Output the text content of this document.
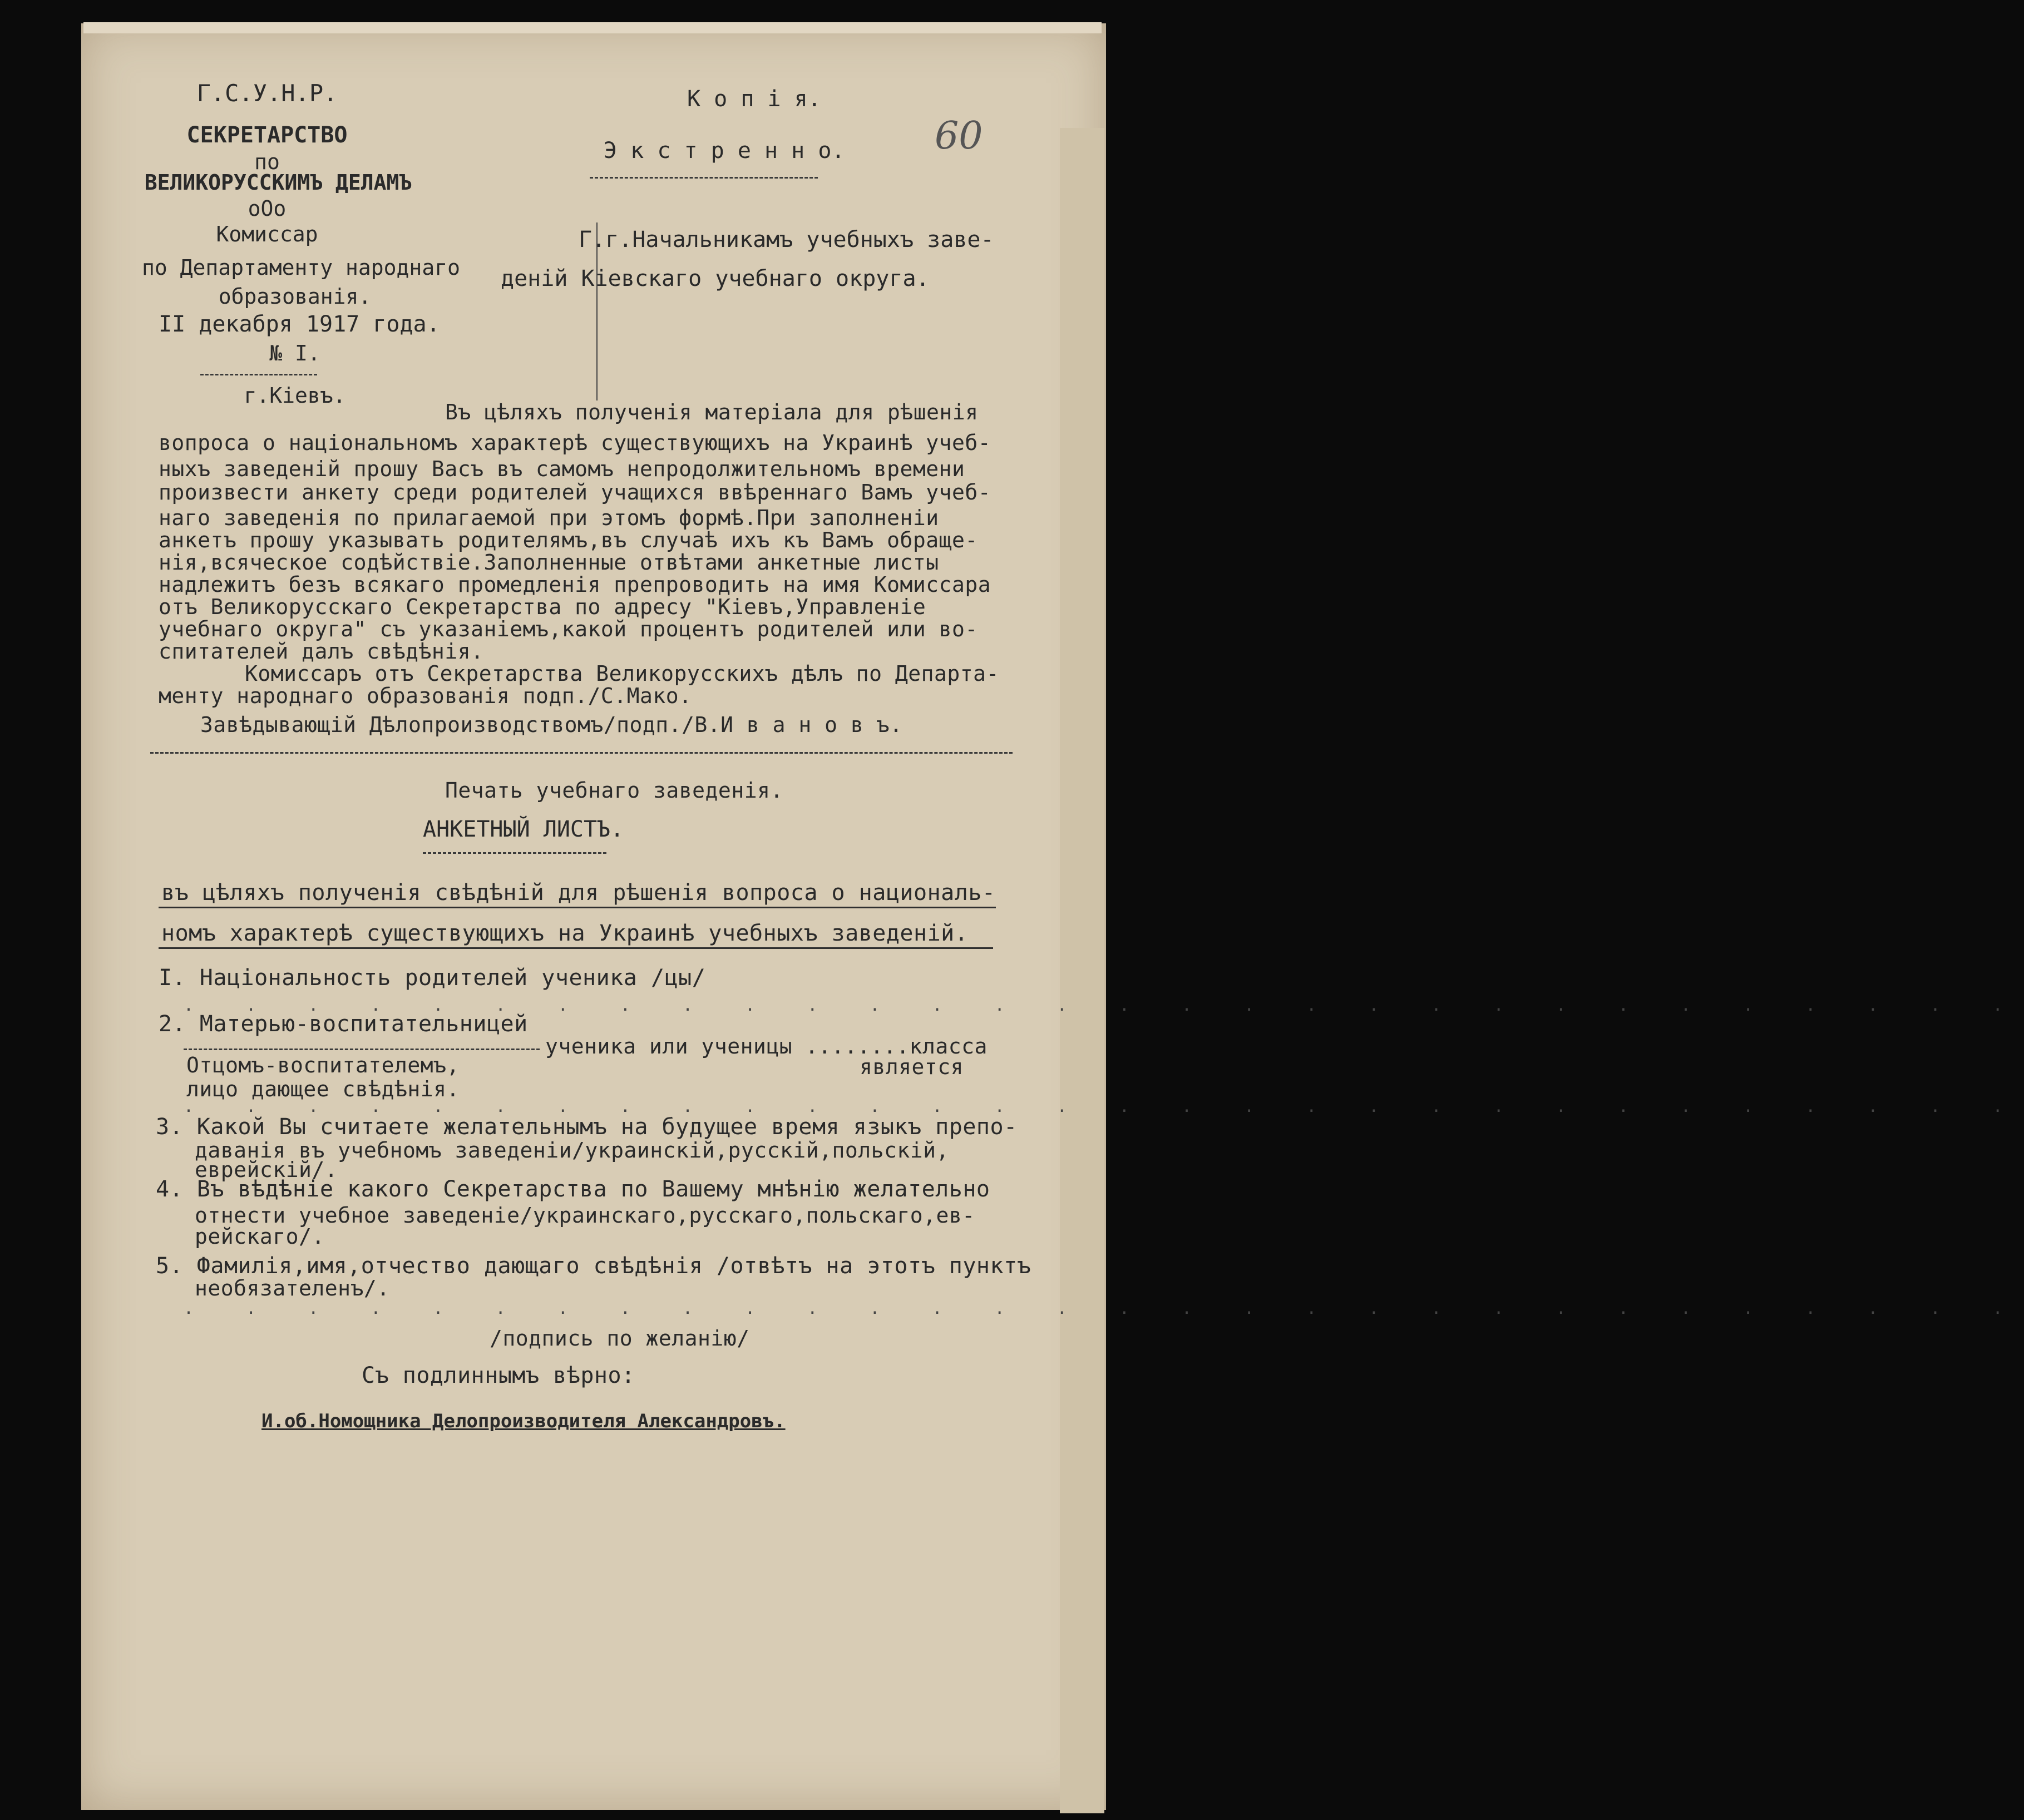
Г.С.У.Н.Р.
СЕКРЕТАРСТВО
по
ВЕЛИКОРУССКИМЪ ДЕЛАМЪ
оОо
Комиссар
по Департаменту народнаго
образованія.
II декабря 1917 года.
№ I.
г.Кіевъ.
К о п і я.
Э к с т р е н н о.
Г.г.Начальникамъ учебныхъ заве-
деній Кіевскаго учебнаго округа.
60
Въ цѣляхъ полученія матеріала для рѣшенія
вопроса о національномъ характерѣ существующихъ на Украинѣ учеб-
ныхъ заведеній прошу Васъ въ самомъ непродолжительномъ времени
произвести анкету среди родителей учащихся ввѣреннаго Вамъ учеб-
наго заведенія по прилагаемой при этомъ формѣ.При заполненіи
анкетъ прошу указывать родителямъ,въ случаѣ ихъ къ Вамъ обраще-
нія,всяческое содѣйствіе.Заполненные отвѣтами анкетные листы
надлежитъ безъ всякаго промедленія препроводить на имя Комиссара
отъ Великорусскаго Секретарства по адресу "Кіевъ,Управленіе
учебнаго округа" съ указаніемъ,какой процентъ родителей или во-
спитателей далъ свѣдѣнія.
Комиссаръ отъ Секретарства Великорусскихъ дѣлъ по Департа-
менту народнаго образованія подп./С.Мако.
Завѣдывающій Дѣлопроизводствомъ/подп./В.И в а н о в ъ.
Печать учебнаго заведенія.
АНКЕТНЫЙ ЛИСТЪ.
въ цѣляхъ полученія свѣдѣній для рѣшенія вопроса о националь-
номъ характерѣ существующихъ на Украинѣ учебныхъ заведеній.
I. Національность родителей ученика /цы/
. . . . . . . . . . . . . . . . . . . . . . . . . . . . . .
2. Матерью-воспитательницей
ученика или ученицы ........класса
Отцомъ-воспитателемъ,	является
лицо дающее свѣдѣнія.
. . . . . . . . . . . . . . . . . . . . . . . . . . . . . .
3. Какой Вы считаете желательнымъ на будущее время языкъ препо-
даванія въ учебномъ заведеніи/украинскій,русскій,польскій,
еврейскій/.
4. Въ вѣдѣніе какого Секретарства по Вашему мнѣнію желательно
отнести учебное заведеніе/украинскаго,русскаго,польскаго,ев-
рейскаго/.
5. Фамилія,имя,отчество дающаго свѣдѣнія /отвѣтъ на этотъ пунктъ
необязателенъ/.
. . . . . . . . . . . . . . . . . . . . . . . . . . . . . .
/подпись по желанію/
Съ подлиннымъ вѣрно:
И.об.Номощника Делопроизводителя Александровъ.
